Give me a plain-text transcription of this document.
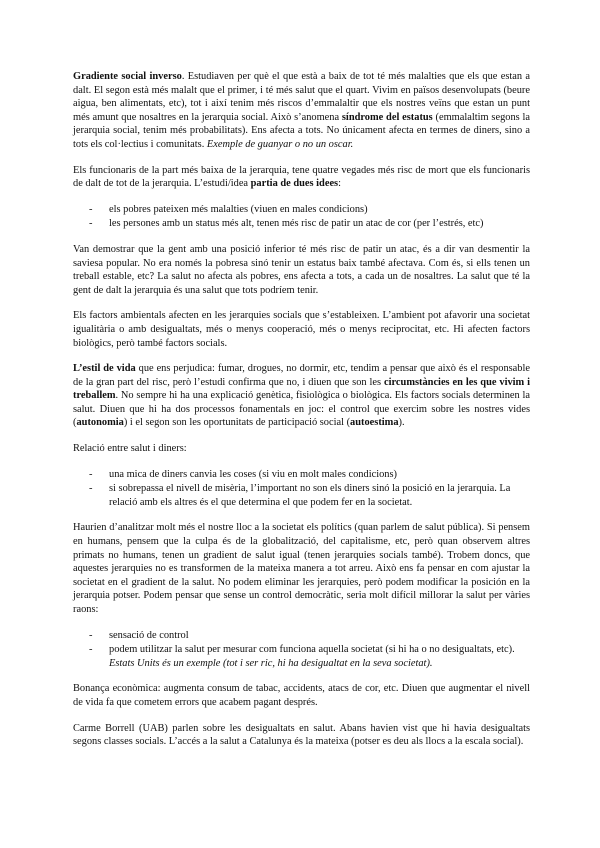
Gradiente social inverso. Estudiaven per què el que està a baix de tot té més malalties que els que estan a dalt. El segon està més malalt que el primer, i té més salut que el quart. Vivim en països desenvolupats (beure aigua, ben alimentats, etc), tot i així tenim més riscos d’emmalaltir que els nostres veïns que estan un punt més amunt que nosaltres en la jerarquia social. Això s’anomena síndrome del estatus (emmalaltim segons la jerarquia social, tenim més probabilitats). Ens afecta a tots. No únicament afecta en termes de diners, sino a tots els col·lectius i comunitats. Exemple de guanyar o no un oscar.

Els funcionaris de la part més baixa de la jerarquia, tene quatre vegades més risc de mort que els funcionaris de dalt de tot de la jerarquia. L’estudi/idea partia de dues idees:

- els pobres pateixen més malalties (viuen en males condicions)
- les persones amb un status més alt, tenen més risc de patir un atac de cor (per l’estrés, etc)

Van demostrar que la gent amb una posició inferior té més risc de patir un atac, és a dir van desmentir la saviesa popular. No era només la pobresa sinó tenir un estatus baix també afectava. Com és, si ells tenen un treball estable, etc? La salut no afecta als pobres, ens afecta a tots, a cada un de nosaltres. La salut que té la gent de dalt la jerarquia és una salut que tots podríem tenir.

Els factors ambientals afecten en les jerarquies socials que s’estableixen. L’ambient pot afavorir una societat igualitària o amb desigualtats, més o menys cooperació, més o menys reciprocitat, etc. Hi afecten factors biològics, però també factors socials.

L’estil de vida que ens perjudica: fumar, drogues, no dormir, etc, tendim a pensar que això és el responsable de la gran part del risc, però l’estudi confirma que no, i diuen que son les circumstàncies en les que vivim i treballem. No sempre hi ha una explicació genètica, fisiològica o biològica. Els factors socials determinen la salut. Diuen que hi ha dos processos fonamentals en joc: el control que exercim sobre les nostres vides (autonomia) i el segon son les oportunitats de participació social (autoestima).

Relació entre salut i diners:

- una mica de diners canvia les coses (si viu en molt males condicions)
- si sobrepassa el nivell de misèria, l’important no son els diners sinó la posició en la jerarquia. La relació amb els altres és el que determina el que podem fer en la societat.

Haurien d’analitzar molt més el nostre lloc a la societat els polítics (quan parlem de salut pública). Si pensem en humans, pensem que la culpa és de la globalització, del capitalisme, etc, però quan observem altres primats no humans, tenen un gradient de salut igual (tenen jerarquies socials també). Trobem doncs, que aquestes jerarquies no es transformen de la mateixa manera a tot arreu. Això ens fa pensar en com ajustar la societat en el gradient de la salut. No podem eliminar les jerarquies, però podem modificar la posición en la jerarquia potser. Podem pensar que sense un control democràtic, seria molt difícil millorar la salut per vàries raons:

- sensació de control
- podem utilitzar la salut per mesurar com funciona aquella societat (si hi ha o no desigualtats, etc). Estats Units és un exemple (tot i ser ric, hi ha desigualtat en la seva societat).

Bonança econòmica: augmenta consum de tabac, accidents, atacs de cor, etc. Diuen que augmentar el nivell de vida fa que cometem errors que acabem pagant després.

Carme Borrell (UAB) parlen sobre les desigualtats en salut. Abans havien vist que hi havia desigualtats segons classes socials. L’accés a la salut a Catalunya és la mateixa (potser es deu als llocs a la escala social).
